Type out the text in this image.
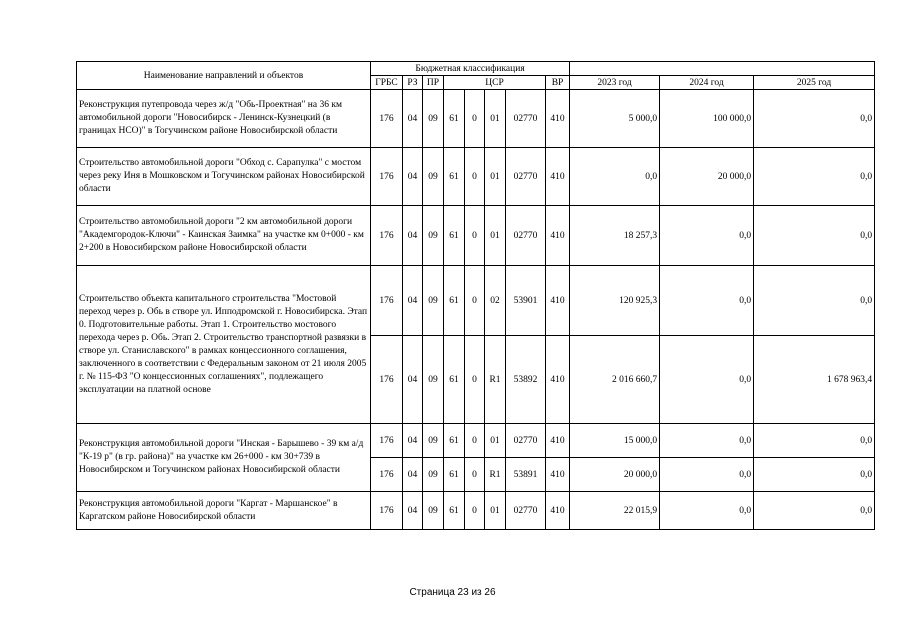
Наименование направлений и объектов	Бюджетная классификация										
	ГРБС	РЗ	ПР	ЦСР				ВР	2023 год	2024 год	2025 год
Реконструкция путепровода через ж/д "Обь-Проектная" на 36 км автомобильной дороги "Новосибирск - Ленинск-Кузнецкий (в границах НСО)" в Тогучинском районе Новосибирской области	176	04	09	61	0	01	02770	410	5 000,0	100 000,0	0,0
Строительство автомобильной дороги "Обход с. Сарапулка" с мостом через реку Иня в Мошковском и Тогучинском районах Новосибирской области	176	04	09	61	0	01	02770	410	0,0	20 000,0	0,0
Строительство автомобильной дороги "2 км автомобильной дороги "Академгородок-Ключи" - Каинская Заимка" на участке км 0+000 - км 2+200 в Новосибирском районе Новосибирской области	176	04	09	61	0	01	02770	410	18 257,3	0,0	0,0
Строительство объекта капитального строительства "Мостовой переход через р. Обь в створе ул. Ипподромской г. Новосибирска. Этап 0. Подготовительные работы. Этап 1. Строительство мостового перехода через р. Обь. Этап 2. Строительство транспортной развязки в створе ул. Станиславского" в рамках концессионного соглашения, заключенного в соответствии с Федеральным законом от 21 июля 2005 г. № 115-ФЗ "О концессионных соглашениях", подлежащего эксплуатации на платной основе	176	04	09	61	0	02	53901	410	120 925,3	0,0	0,0
	176	04	09	61	0	R1	53892	410	2 016 660,7	0,0	1 678 963,4
Реконструкция автомобильной дороги "Инская - Барышево - 39 км а/д "К-19 р" (в гр. района)" на участке км 26+000 - км 30+739 в Новосибирском и Тогучинском районах Новосибирской области	176	04	09	61	0	01	02770	410	15 000,0	0,0	0,0
	176	04	09	61	0	R1	53891	410	20 000,0	0,0	0,0
Реконструкция автомобильной дороги "Каргат - Маршанское" в Каргатском районе Новосибирской области	176	04	09	61	0	01	02770	410	22 015,9	0,0	0,0
Страница 23 из 26
